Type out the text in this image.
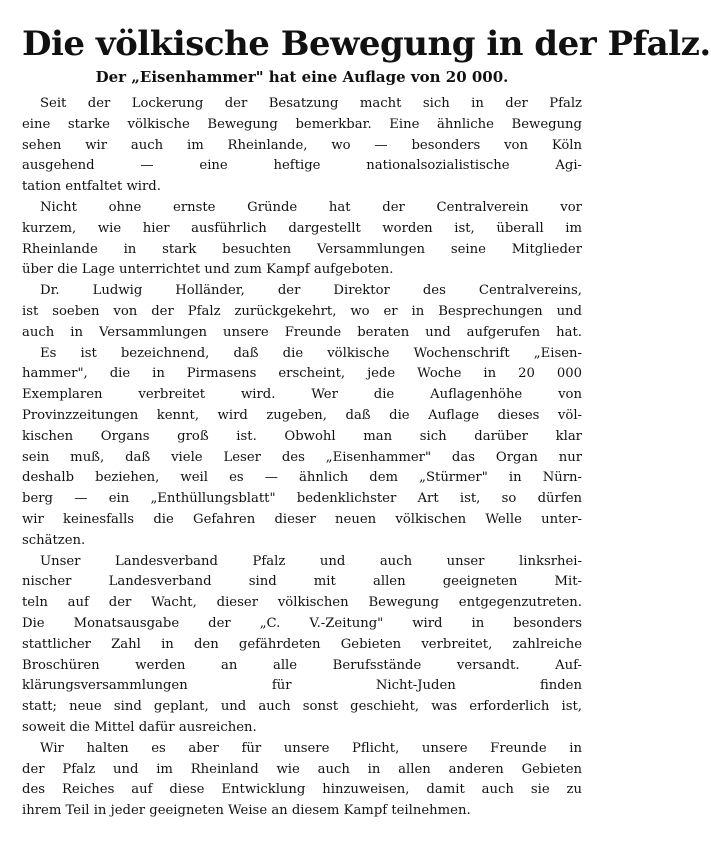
Die völkische Bewegung in der Pfalz.
Der „Eisenhammer" hat eine Auflage von 20 000.
Seit der Lockerung der Besatzung macht sich in der Pfalz
eine starke völkische Bewegung bemerkbar. Eine ähnliche Bewegung
sehen wir auch im Rheinlande, wo — besonders von Köln
ausgehend — eine heftige nationalsozialistische Agi-
tation entfaltet wird.
Nicht ohne ernste Gründe hat der Centralverein vor
kurzem, wie hier ausführlich dargestellt worden ist, überall im
Rheinlande in stark besuchten Versammlungen seine Mitglieder
über die Lage unterrichtet und zum Kampf aufgeboten.
Dr. Ludwig Holländer, der Direktor des Centralvereins,
ist soeben von der Pfalz zurückgekehrt, wo er in Besprechungen und
auch in Versammlungen unsere Freunde beraten und aufgerufen hat.
Es ist bezeichnend, daß die völkische Wochenschrift „Eisen-
hammer", die in Pirmasens erscheint, jede Woche in 20 000
Exemplaren verbreitet wird. Wer die Auflagenhöhe von
Provinzzeitungen kennt, wird zugeben, daß die Auflage dieses völ-
kischen Organs groß ist. Obwohl man sich darüber klar
sein muß, daß viele Leser des „Eisenhammer" das Organ nur
deshalb beziehen, weil es — ähnlich dem „Stürmer" in Nürn-
berg — ein „Enthüllungsblatt" bedenklichster Art ist, so dürfen
wir keinesfalls die Gefahren dieser neuen völkischen Welle unter-
schätzen.
Unser Landesverband Pfalz und auch unser linksrhei-
nischer Landesverband sind mit allen geeigneten Mit-
teln auf der Wacht, dieser völkischen Bewegung entgegenzutreten.
Die Monatsausgabe der „C. V.-Zeitung" wird in besonders
stattlicher Zahl in den gefährdeten Gebieten verbreitet, zahlreiche
Broschüren werden an alle Berufsstände versandt. Auf-
klärungsversammlungen für Nicht-Juden finden
statt; neue sind geplant, und auch sonst geschieht, was erforderlich ist,
soweit die Mittel dafür ausreichen.
Wir halten es aber für unsere Pflicht, unsere Freunde in
der Pfalz und im Rheinland wie auch in allen anderen Gebieten
des Reiches auf diese Entwicklung hinzuweisen, damit auch sie zu
ihrem Teil in jeder geeigneten Weise an diesem Kampf teilnehmen.
